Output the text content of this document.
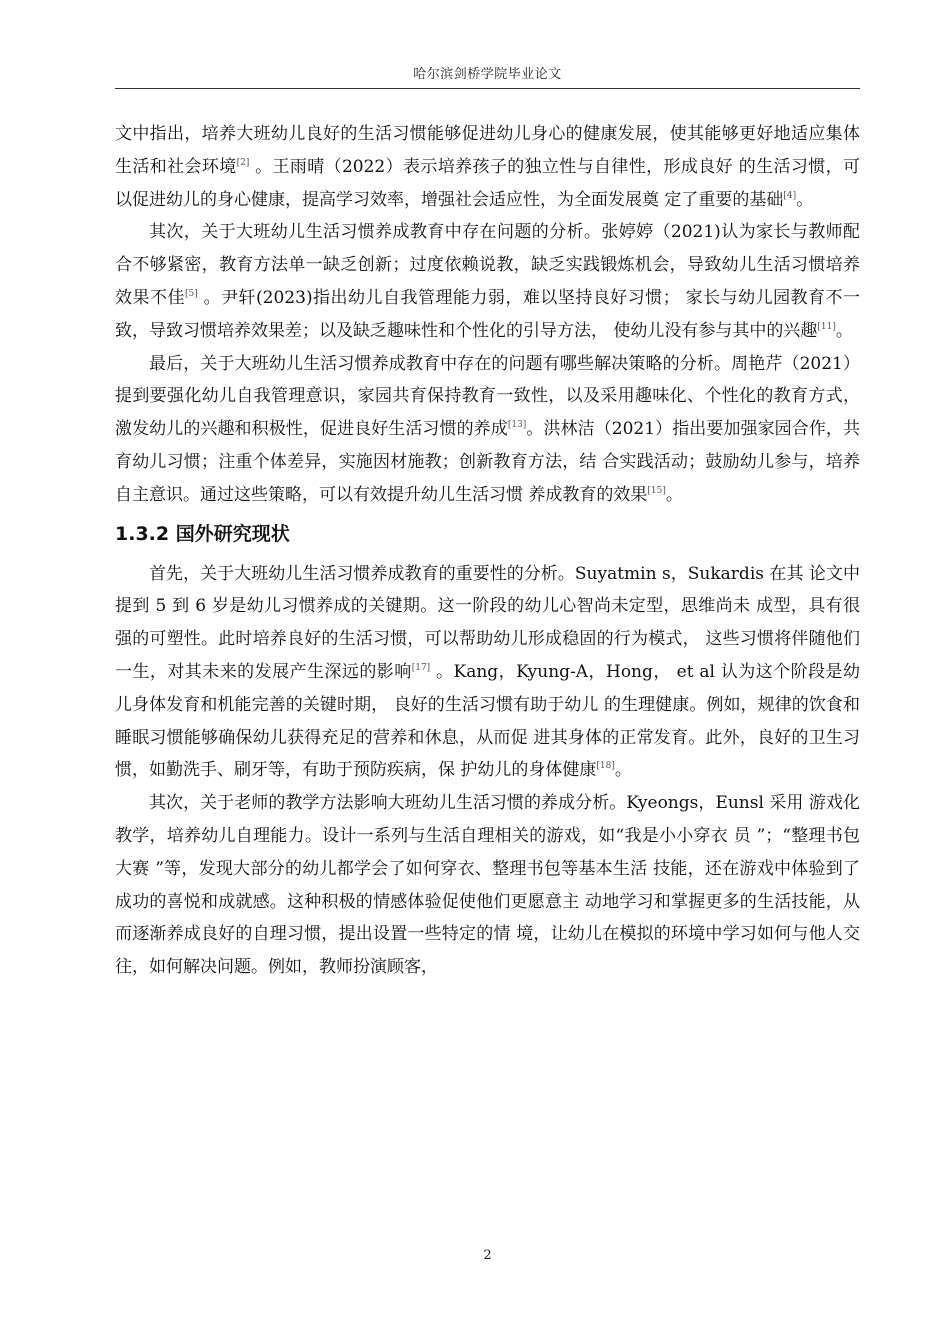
哈尔滨剑桥学院毕业论文

文中指出，培养大班幼儿良好的生活习惯能够促进幼儿身心的健康发展，使其能够更好地适应集体生活和社会环境[2] 。王雨晴（2022）表示培养孩子的独立性与自律性，形成良好 的生活习惯，可以促进幼儿的身心健康，提高学习效率，增强社会适应性，为全面发展奠 定了重要的基础[4]。

其次，关于大班幼儿生活习惯养成教育中存在问题的分析。张婷婷（2021)认为家长与教师配合不够紧密，教育方法单一缺乏创新；过度依赖说教，缺乏实践锻炼机会，导致幼儿生活习惯培养效果不佳[5] 。尹轩(2023)指出幼儿自我管理能力弱，难以坚持良好习惯； 家长与幼儿园教育不一致，导致习惯培养效果差；以及缺乏趣味性和个性化的引导方法， 使幼儿没有参与其中的兴趣[11]。

最后，关于大班幼儿生活习惯养成教育中存在的问题有哪些解决策略的分析。周艳芹（2021）提到要强化幼儿自我管理意识，家园共育保持教育一致性，以及采用趣味化、个性化的教育方式，激发幼儿的兴趣和积极性，促进良好生活习惯的养成[13]。洪林洁（2021）指出要加强家园合作，共育幼儿习惯；注重个体差异，实施因材施教；创新教育方法，结 合实践活动；鼓励幼儿参与，培养自主意识。通过这些策略，可以有效提升幼儿生活习惯 养成教育的效果[15]。

1.3.2 国外研究现状

首先，关于大班幼儿生活习惯养成教育的重要性的分析。Suyatmin s，Sukardis 在其 论文中提到 5 到 6 岁是幼儿习惯养成的关键期。这一阶段的幼儿心智尚未定型，思维尚未 成型，具有很强的可塑性。此时培养良好的生活习惯，可以帮助幼儿形成稳固的行为模式， 这些习惯将伴随他们一生，对其未来的发展产生深远的影响[17] 。Kang，Kyung-A，Hong， et al 认为这个阶段是幼儿身体发育和机能完善的关键时期， 良好的生活习惯有助于幼儿 的生理健康。例如，规律的饮食和睡眠习惯能够确保幼儿获得充足的营养和休息，从而促 进其身体的正常发育。此外，良好的卫生习惯，如勤洗手、刷牙等，有助于预防疾病，保 护幼儿的身体健康[18]。

其次，关于老师的教学方法影响大班幼儿生活习惯的养成分析。Kyeongs，Eunsl 采用 游戏化教学，培养幼儿自理能力。设计一系列与生活自理相关的游戏，如“我是小小穿衣 员 ”；“整理书包大赛 ”等，发现大部分的幼儿都学会了如何穿衣、整理书包等基本生活 技能，还在游戏中体验到了成功的喜悦和成就感。这种积极的情感体验促使他们更愿意主 动地学习和掌握更多的生活技能，从而逐渐养成良好的自理习惯，提出设置一些特定的情 境，让幼儿在模拟的环境中学习如何与他人交往，如何解决问题。例如，教师扮演顾客，

2
